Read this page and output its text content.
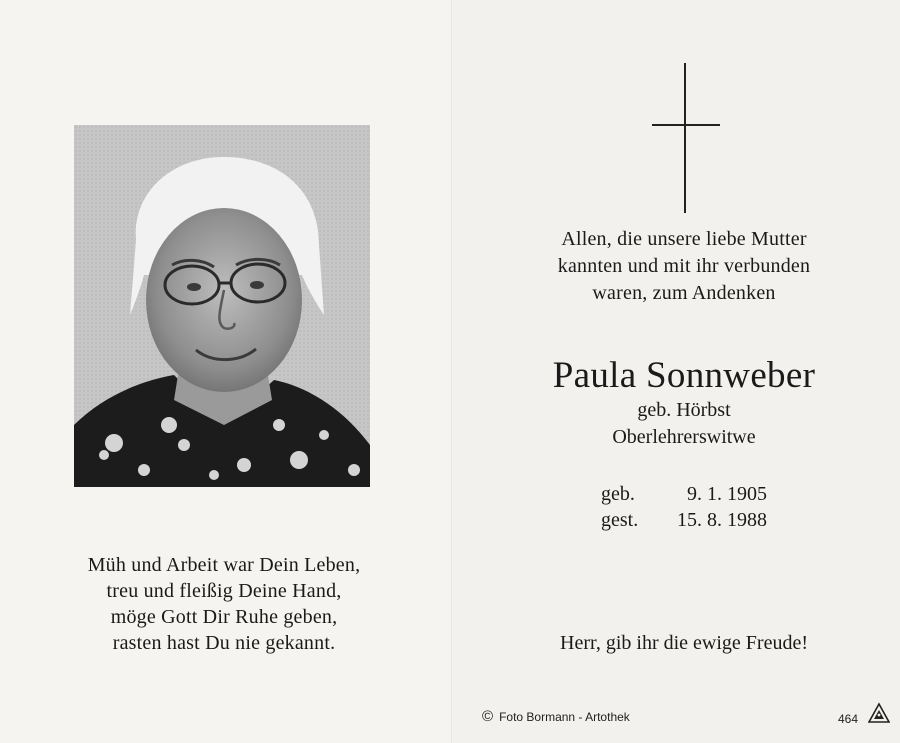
Müh und Arbeit war Dein Leben,
treu und fleißig Deine Hand,
möge Gott Dir Ruhe geben,
rasten hast Du nie gekannt.
Allen, die unsere liebe Mutter
kannten und mit ihr verbunden
waren, zum Andenken
Paula Sonnweber
geb. Hörbst
Oberlehrerswitwe
geb.	9. 1. 1905
gest. 15. 8. 1988
Herr, gib ihr die ewige Freude!
© Foto Bormann - Artothek	464
